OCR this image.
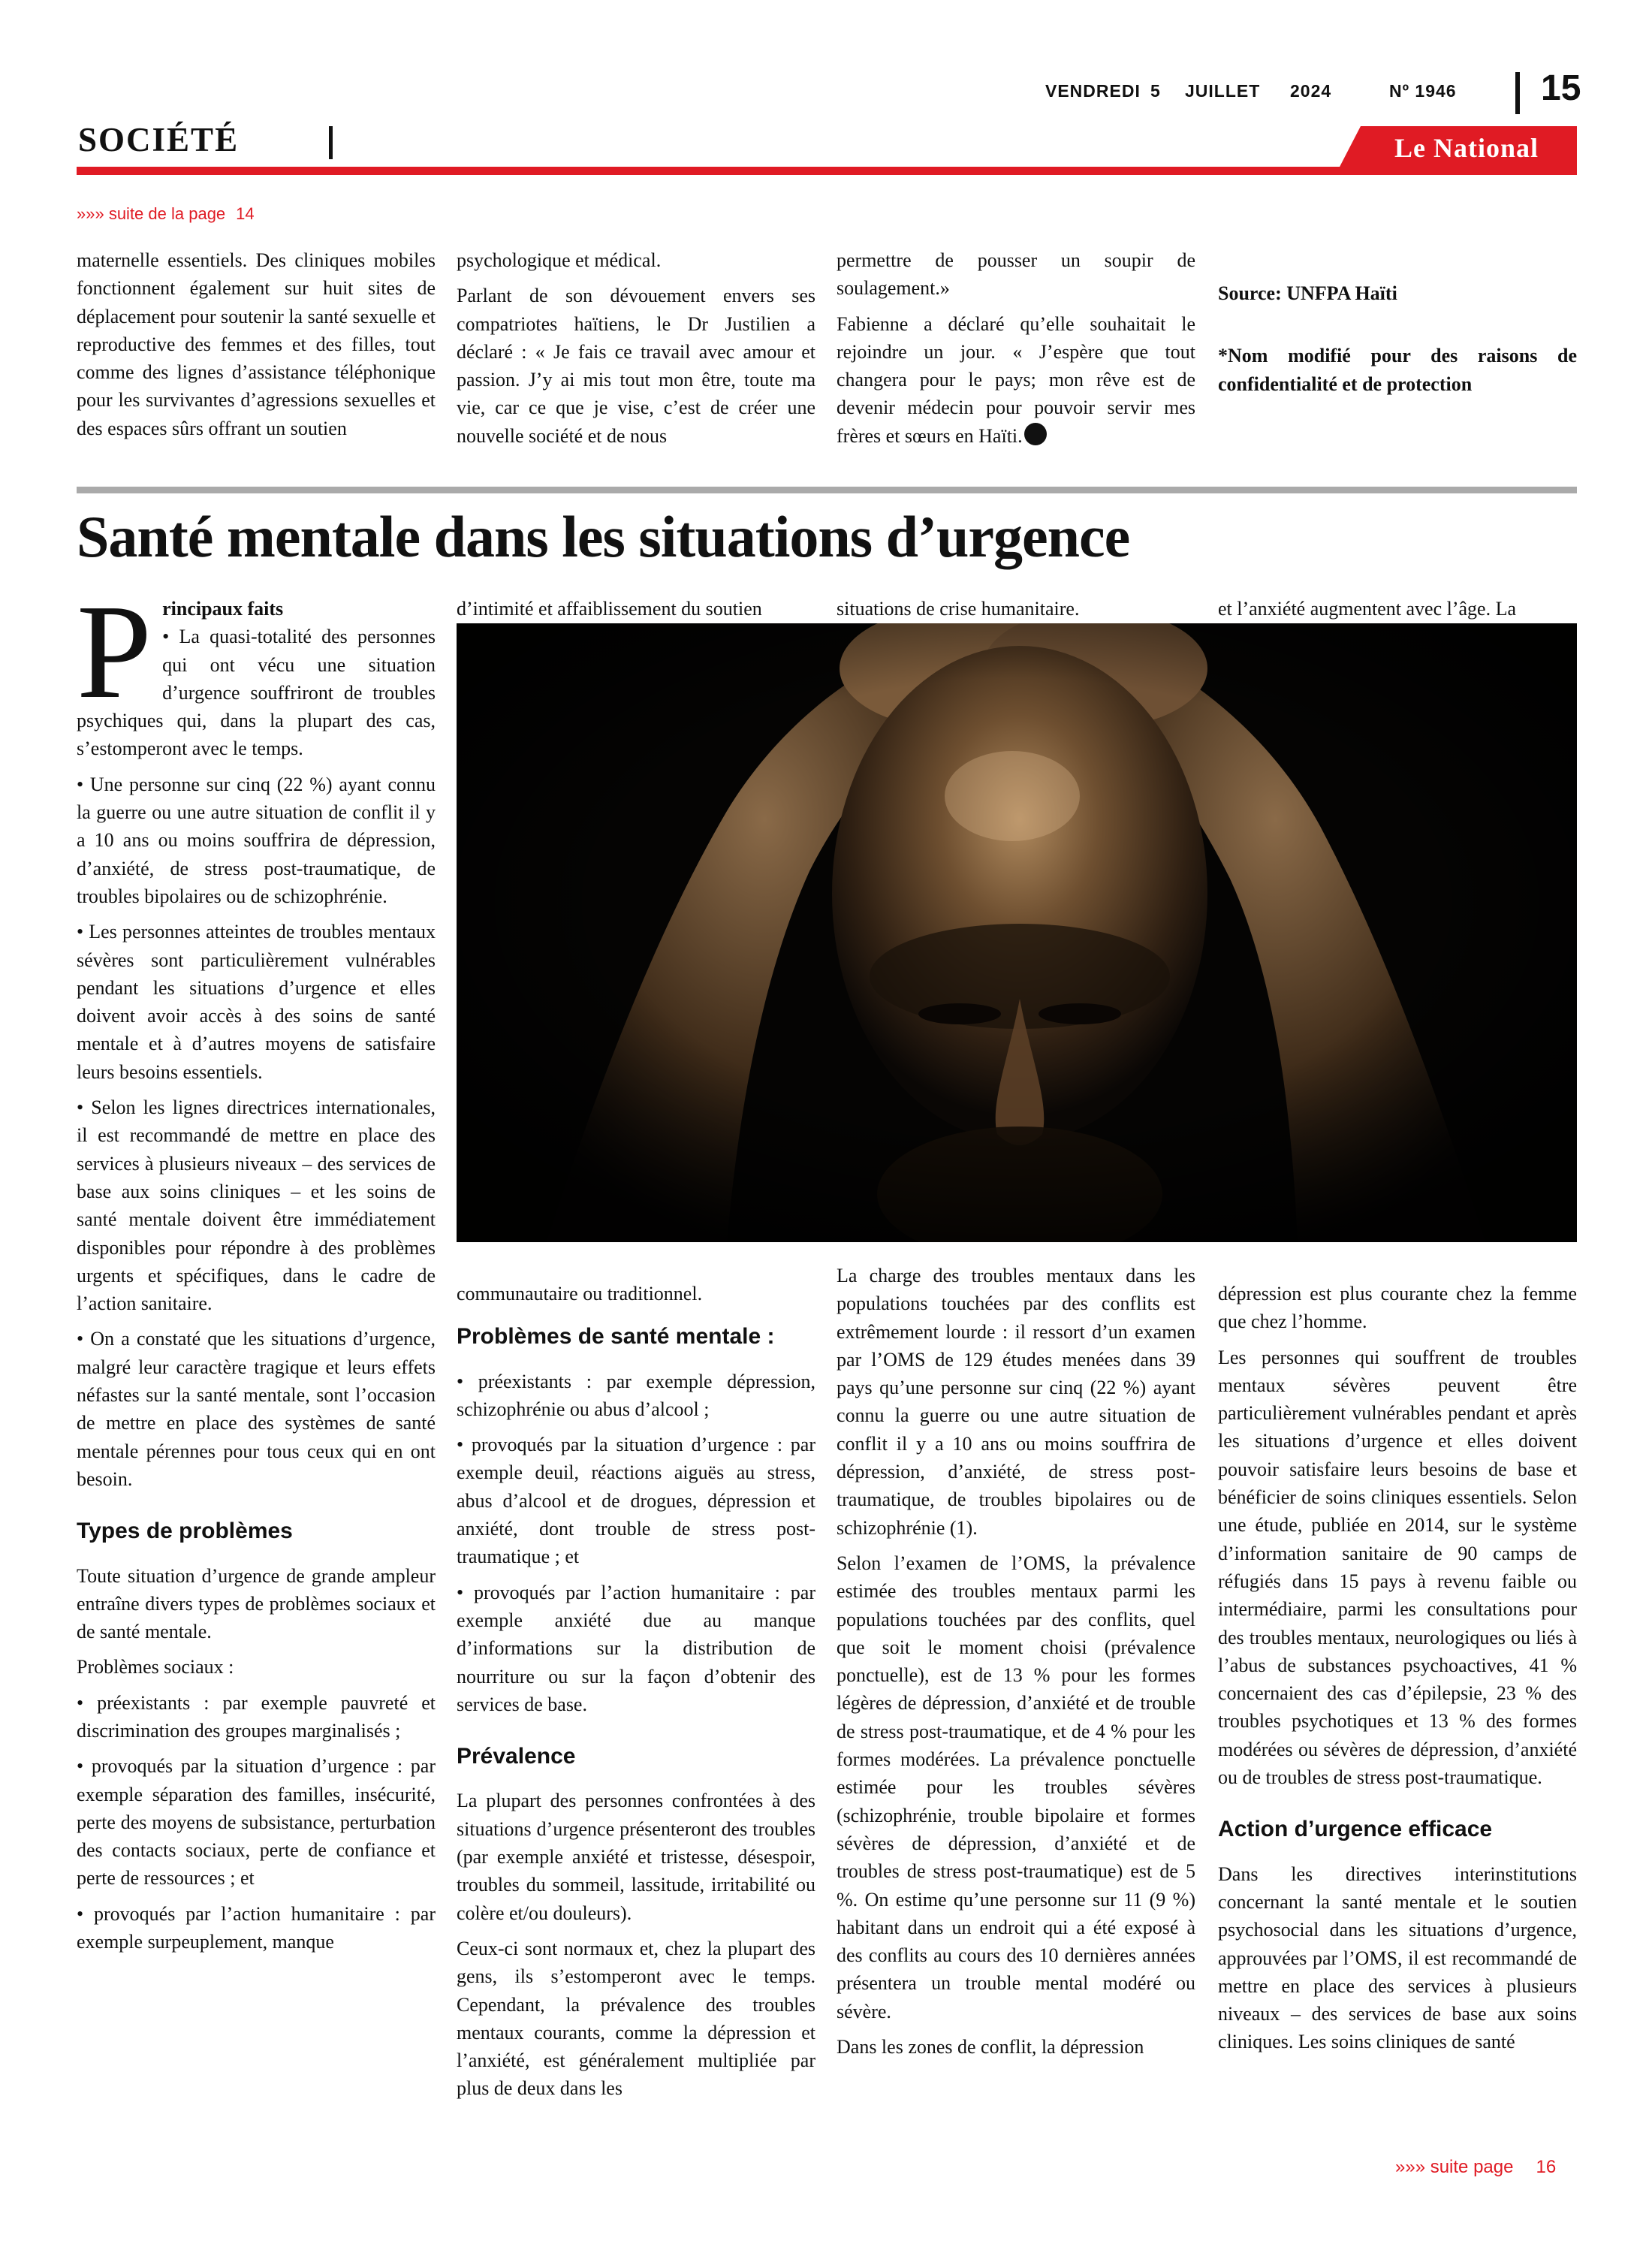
VENDREDI 5 JUILLET 2024	Nº 1946 15
SOCIÉTÉ	Le National
»»» suite de la page 14

maternelle essentiels. Des cliniques mobiles fonctionnent également sur huit sites de déplacement pour soutenir la santé sexuelle et reproductive des femmes et des filles, tout comme des lignes d’assistance téléphonique pour les survivantes d’agressions sexuelles et des espaces sûrs offrant un soutien

psychologique et médical.

Parlant de son dévouement envers ses compatriotes haïtiens, le Dr Justilien a déclaré : « Je fais ce travail avec amour et passion. J’y ai mis tout mon être, toute ma vie, car ce que je vise, c’est de créer une nouvelle société et de nous

permettre de pousser un soupir de soulagement.»

Fabienne a déclaré qu’elle souhaitait le rejoindre un jour. « J’espère que tout changera pour le pays; mon rêve est de devenir médecin pour pouvoir servir mes frères et sœurs en Haïti.

Source: UNFPA Haïti

*Nom modifié pour des raisons de confidentialité et de protection

Santé mentale dans les situations d’urgence

Principaux faits

• La quasi-totalité des personnes qui ont vécu une situation d’urgence souffriront de troubles psychiques qui, dans la plupart des cas, s’estomperont avec le temps.

• Une personne sur cinq (22 %) ayant connu la guerre ou une autre situation de conflit il y a 10 ans ou moins souffrira de dépression, d’anxiété, de stress post-traumatique, de troubles bipolaires ou de schizophrénie.

• Les personnes atteintes de troubles mentaux sévères sont particulièrement vulnérables pendant les situations d’urgence et elles doivent avoir accès à des soins de santé mentale et à d’autres moyens de satisfaire leurs besoins essentiels.

• Selon les lignes directrices internationales, il est recommandé de mettre en place des services à plusieurs niveaux – des services de base aux soins cliniques – et les soins de santé mentale doivent être immédiatement disponibles pour répondre à des problèmes urgents et spécifiques, dans le cadre de l’action sanitaire.

• On a constaté que les situations d’urgence, malgré leur caractère tragique et leurs effets néfastes sur la santé mentale, sont l’occasion de mettre en place des systèmes de santé mentale pérennes pour tous ceux qui en ont besoin.

Types de problèmes

Toute situation d’urgence de grande ampleur entraîne divers types de problèmes sociaux et de santé mentale.

Problèmes sociaux :

• préexistants : par exemple pauvreté et discrimination des groupes marginalisés ;

• provoqués par la situation d’urgence : par exemple séparation des familles, insécurité, perte des moyens de subsistance, perturbation des contacts sociaux, perte de confiance et perte de ressources ; et

• provoqués par l’action humanitaire : par exemple surpeuplement, manque

d’intimité et affaiblissement du soutien	situations de crise humanitaire.	et l’anxiété augmentent avec l’âge. La

communautaire ou traditionnel.

Problèmes de santé mentale :

• préexistants : par exemple dépression, schizophrénie ou abus d’alcool ;

• provoqués par la situation d’urgence : par exemple deuil, réactions aiguës au stress, abus d’alcool et de drogues, dépression et anxiété, dont trouble de stress post-traumatique ; et

• provoqués par l’action humanitaire : par exemple anxiété due au manque d’informations sur la distribution de nourriture ou sur la façon d’obtenir des services de base.

Prévalence

La plupart des personnes confrontées à des situations d’urgence présenteront des troubles (par exemple anxiété et tristesse, désespoir, troubles du sommeil, lassitude, irritabilité ou colère et/ou douleurs).

Ceux-ci sont normaux et, chez la plupart des gens, ils s’estomperont avec le temps. Cependant, la prévalence des troubles mentaux courants, comme la dépression et l’anxiété, est généralement multipliée par plus de deux dans les

La charge des troubles mentaux dans les populations touchées par des conflits est extrêmement lourde : il ressort d’un examen par l’OMS de 129 études menées dans 39 pays qu’une personne sur cinq (22 %) ayant connu la guerre ou une autre situation de conflit il y a 10 ans ou moins souffrira de dépression, d’anxiété, de stress post-traumatique, de troubles bipolaires ou de schizophrénie (1).

Selon l’examen de l’OMS, la prévalence estimée des troubles mentaux parmi les populations touchées par des conflits, quel que soit le moment choisi (prévalence ponctuelle), est de 13 % pour les formes légères de dépression, d’anxiété et de trouble de stress post-traumatique, et de 4 % pour les formes modérées. La prévalence ponctuelle estimée pour les troubles sévères (schizophrénie, trouble bipolaire et formes sévères de dépression, d’anxiété et de troubles de stress post-traumatique) est de 5 %. On estime qu’une personne sur 11 (9 %) habitant dans un endroit qui a été exposé à des conflits au cours des 10 dernières années présentera un trouble mental modéré ou sévère.

Dans les zones de conflit, la dépression

dépression est plus courante chez la femme que chez l’homme.

Les personnes qui souffrent de troubles mentaux sévères peuvent être particulièrement vulnérables pendant et après les situations d’urgence et elles doivent pouvoir satisfaire leurs besoins de base et bénéficier de soins cliniques essentiels. Selon une étude, publiée en 2014, sur le système d’information sanitaire de 90 camps de réfugiés dans 15 pays à revenu faible ou intermédiaire, parmi les consultations pour des troubles mentaux, neurologiques ou liés à l’abus de substances psychoactives, 41 % concernaient des cas d’épilepsie, 23 % des troubles psychotiques et 13 % des formes modérées ou sévères de dépression, d’anxiété ou de troubles de stress post-traumatique.

Action d’urgence efficace

Dans les directives interinstitutions concernant la santé mentale et le soutien psychosocial dans les situations d’urgence, approuvées par l’OMS, il est recommandé de mettre en place des services à plusieurs niveaux – des services de base aux soins cliniques. Les soins cliniques de santé

»»» suite page 16
